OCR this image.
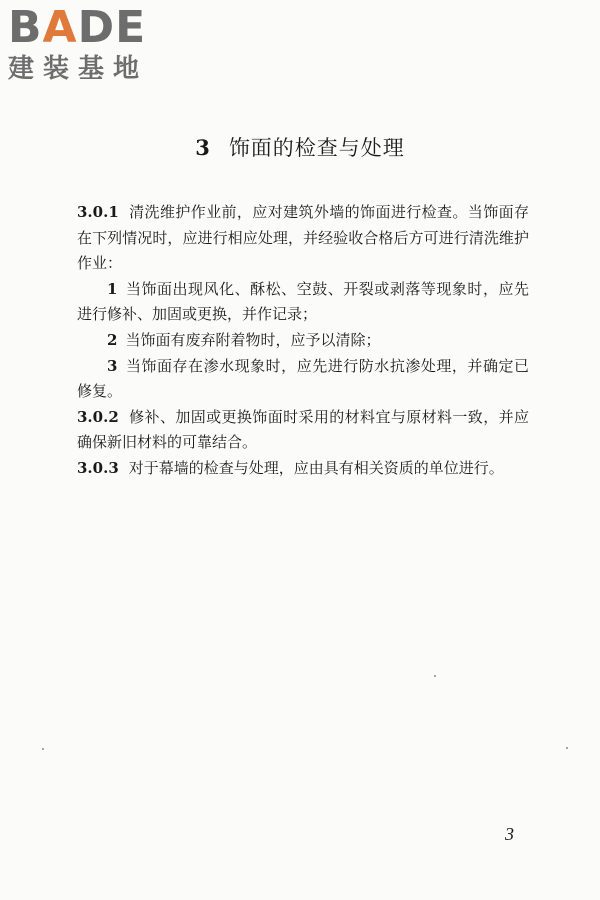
BADE
建装基地
3 饰面的检查与处理

3.0.1 清洗维护作业前，应对建筑外墙的饰面进行检查。当饰面存在下列情况时，应进行相应处理，并经验收合格后方可进行清洗维护作业：

1 当饰面出现风化、酥松、空鼓、开裂或剥落等现象时，应先进行修补、加固或更换，并作记录；

2 当饰面有废弃附着物时，应予以清除；

3 当饰面存在渗水现象时，应先进行防水抗渗处理，并确定已修复。

3.0.2 修补、加固或更换饰面时采用的材料宜与原材料一致，并应确保新旧材料的可靠结合。

3.0.3 对于幕墙的检查与处理，应由具有相关资质的单位进行。

3
